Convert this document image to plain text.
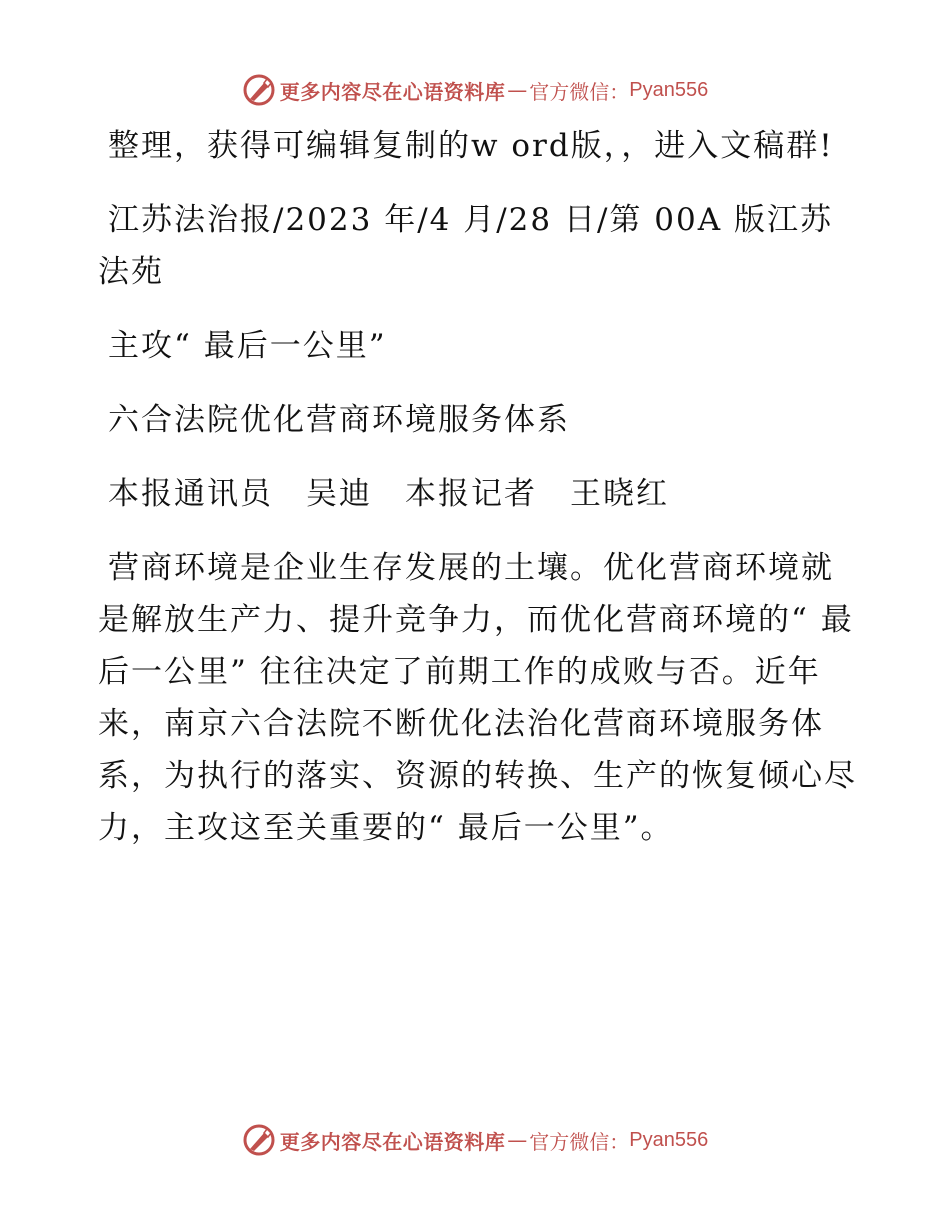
更多内容尽在心语资料库 — 官方微信： Pyan556

整理，获得可编辑复制的w ord版，，进入文稿群!

江苏法治报/2023 年/4 月/28 日/第 00A 版江苏法苑

主攻“ 最后一公里”

六合法院优化营商环境服务体系

本报通讯员　吴迪　本报记者　王晓红

营商环境是企业生存发展的土壤。优化营商环境就是解放生产力、提升竞争力，而优化营商环境的“ 最后一公里” 往往决定了前期工作的成败与否。近年来，南京六合法院不断优化法治化营商环境服务体系，为执行的落实、资源的转换、生产的恢复倾心尽力，主攻这至关重要的“ 最后一公里”。

更多内容尽在心语资料库 — 官方微信： Pyan556
